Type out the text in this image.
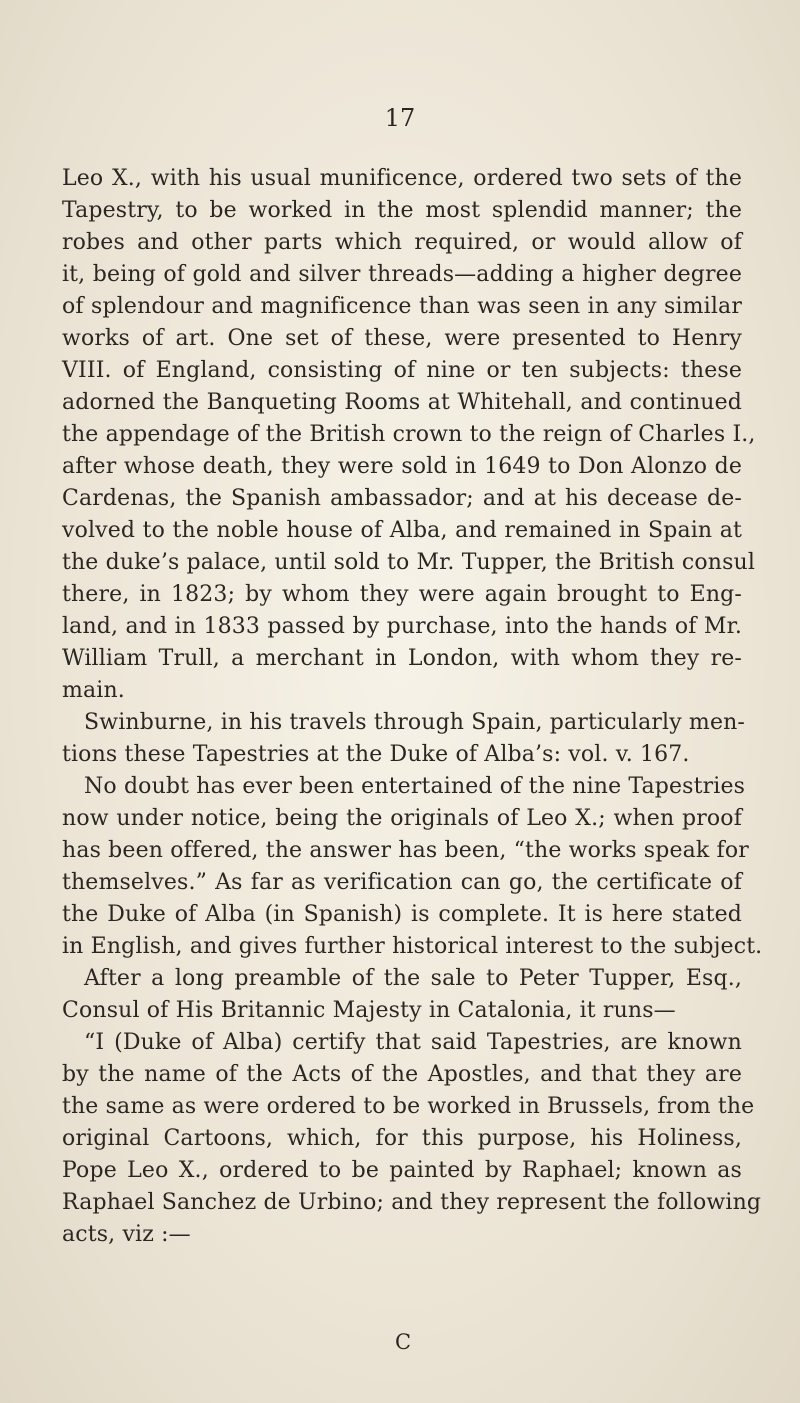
17
Leo X., with his usual munificence, ordered two sets of the
Tapestry, to be worked in the most splendid manner; the
robes and other parts which required, or would allow of
it, being of gold and silver threads—adding a higher degree
of splendour and magnificence than was seen in any similar
works of art. One set of these, were presented to Henry
VIII. of England, consisting of nine or ten subjects: these
adorned the Banqueting Rooms at Whitehall, and continued
the appendage of the British crown to the reign of Charles I.,
after whose death, they were sold in 1649 to Don Alonzo de
Cardenas, the Spanish ambassador; and at his decease de-
volved to the noble house of Alba, and remained in Spain at
the duke’s palace, until sold to Mr. Tupper, the British consul
there, in 1823; by whom they were again brought to Eng-
land, and in 1833 passed by purchase, into the hands of Mr.
William Trull, a merchant in London, with whom they re-
main.
Swinburne, in his travels through Spain, particularly men-
tions these Tapestries at the Duke of Alba’s: vol. v. 167.
No doubt has ever been entertained of the nine Tapestries
now under notice, being the originals of Leo X.; when proof
has been offered, the answer has been, “the works speak for
themselves.” As far as verification can go, the certificate of
the Duke of Alba (in Spanish) is complete. It is here stated
in English, and gives further historical interest to the subject.
After a long preamble of the sale to Peter Tupper, Esq.,
Consul of His Britannic Majesty in Catalonia, it runs—
“I (Duke of Alba) certify that said Tapestries, are known
by the name of the Acts of the Apostles, and that they are
the same as were ordered to be worked in Brussels, from the
original Cartoons, which, for this purpose, his Holiness,
Pope Leo X., ordered to be painted by Raphael; known as
Raphael Sanchez de Urbino; and they represent the following
acts, viz :—
C
